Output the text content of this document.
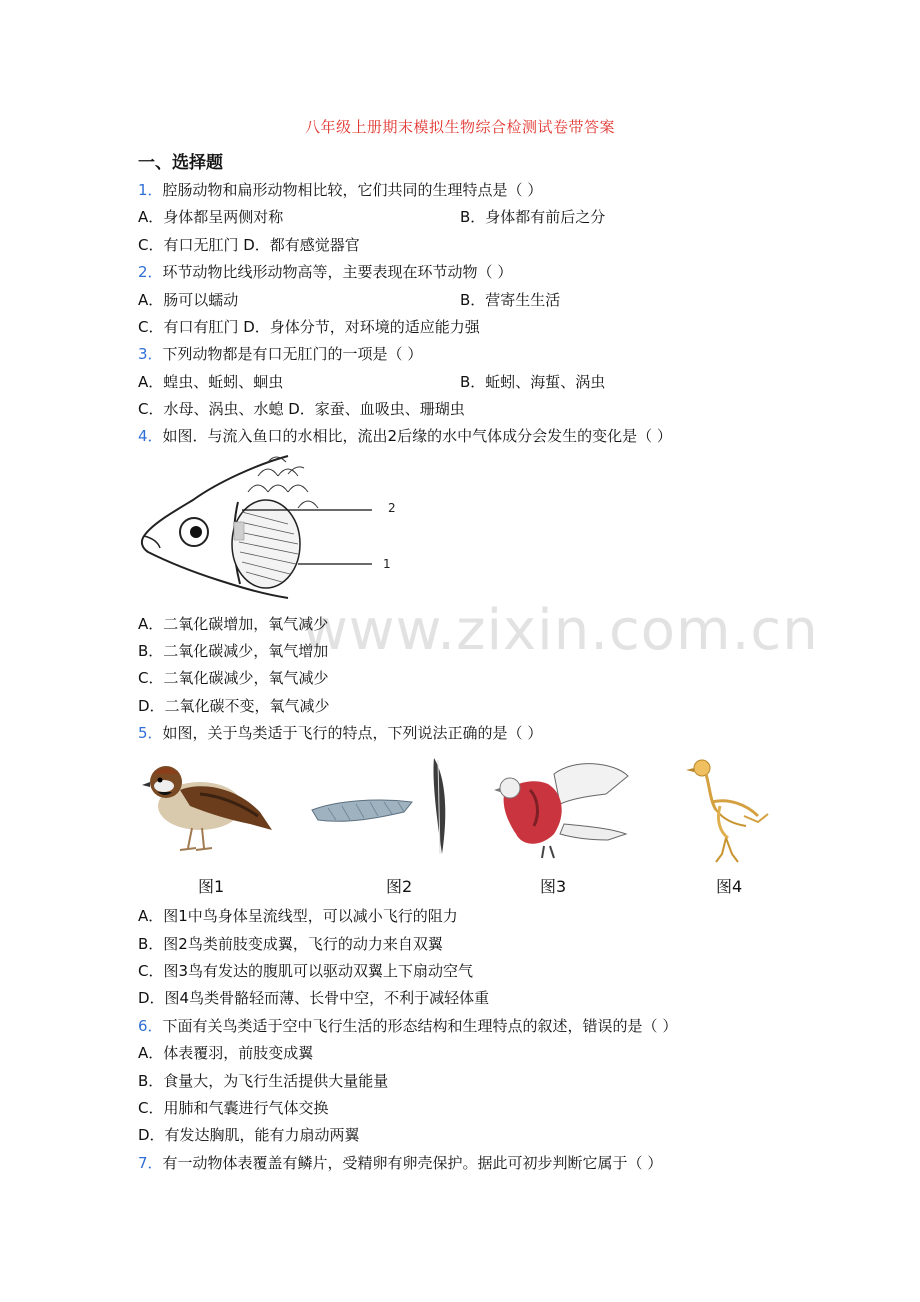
www.zixin.com.cn
八年级上册期末模拟生物综合检测试卷带答案
一、选择题
1．腔肠动物和扁形动物相比较，它们共同的生理特点是（ ）
A．身体都呈两侧对称	B．身体都有前后之分
C．有口无肛门 D．都有感觉器官
2．环节动物比线形动物高等，主要表现在环节动物（ ）
A．肠可以蠕动	B．营寄生生活
C．有口有肛门 D．身体分节，对环境的适应能力强
3．下列动物都是有口无肛门的一项是（ ）
A．蝗虫、蚯蚓、蛔虫	B．蚯蚓、海蜇、涡虫
C．水母、涡虫、水螅 D．家蚕、血吸虫、珊瑚虫
4．如图．与流入鱼口的水相比，流出2后缘的水中气体成分会发生的变化是（ ）
2
1
A．二氧化碳增加，氧气减少
B．二氧化碳减少，氧气增加
C．二氧化碳减少，氧气减少
D．二氧化碳不变，氧气减少
5．如图，关于鸟类适于飞行的特点，下列说法正确的是（ ）
图1	图2	图3	图4
A．图1中鸟身体呈流线型，可以减小飞行的阻力
B．图2鸟类前肢变成翼，飞行的动力来自双翼
C．图3鸟有发达的腹肌可以驱动双翼上下扇动空气
D．图4鸟类骨骼轻而薄、长骨中空，不利于减轻体重
6．下面有关鸟类适于空中飞行生活的形态结构和生理特点的叙述，错误的是（ ）
A．体表覆羽，前肢变成翼
B．食量大，为飞行生活提供大量能量
C．用肺和气囊进行气体交换
D．有发达胸肌，能有力扇动两翼
7．有一动物体表覆盖有鳞片，受精卵有卵壳保护。据此可初步判断它属于（ ）
